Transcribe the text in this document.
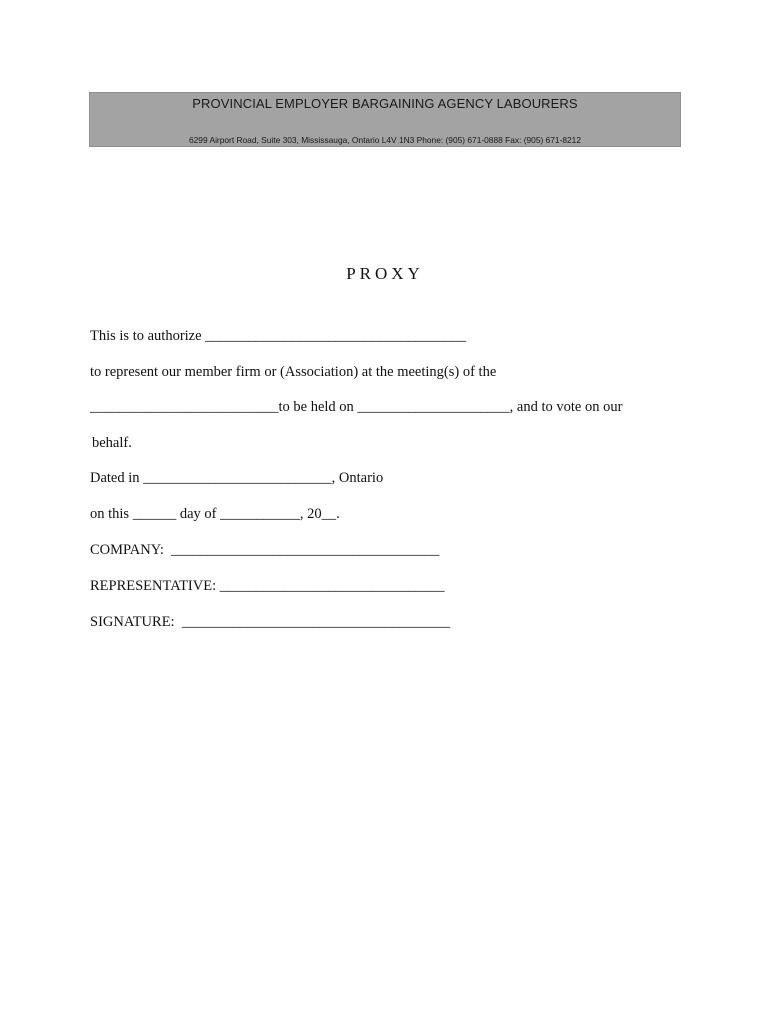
PROVINCIAL EMPLOYER BARGAINING AGENCY LABOURERS
6299 Airport Road, Suite 303, Mississauga, Ontario L4V 1N3 Phone: (905) 671-0888 Fax: (905) 671-8212
PROXY
This is to authorize ____________________________________
to represent our member firm or (Association) at the meeting(s) of the
__________________________to be held on _____________________, and to vote on our
behalf.
Dated in __________________________, Ontario
on this ______ day of ___________, 20__.
COMPANY:  _____________________________________
REPRESENTATIVE: _______________________________
SIGNATURE:  _____________________________________
